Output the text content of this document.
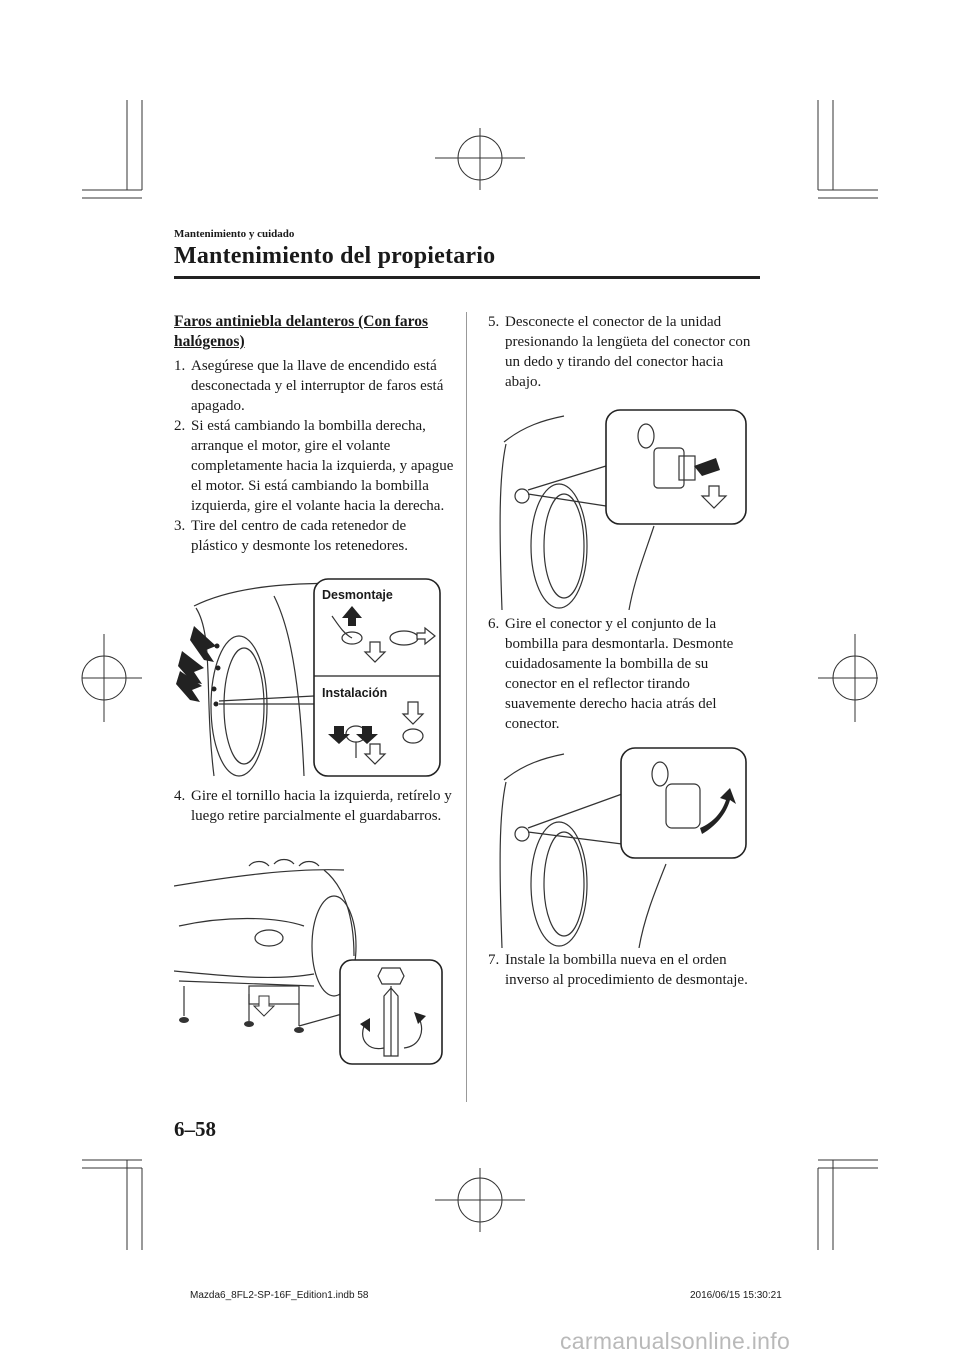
Mantenimiento y cuidado
Mantenimiento del propietario
Faros antiniebla delanteros (Con faros halógenos)
1. Asegúrese que la llave de encendido está desconectada y el interruptor de faros está apagado.
2. Si está cambiando la bombilla derecha, arranque el motor, gire el volante completamente hacia la izquierda, y apague el motor. Si está cambiando la bombilla izquierda, gire el volante hacia la derecha.
3. Tire del centro de cada retenedor de plástico y desmonte los retenedores.
Desmontaje
Instalación
4. Gire el tornillo hacia la izquierda, retírelo y luego retire parcialmente el guardabarros.
5. Desconecte el conector de la unidad presionando la lengüeta del conector con un dedo y tirando del conector hacia abajo.
6. Gire el conector y el conjunto de la bombilla para desmontarla. Desmonte cuidadosamente la bombilla de su conector en el reflector tirando suavemente derecho hacia atrás del conector.
7. Instale la bombilla nueva en el orden inverso al procedimiento de desmontaje.
6–58
Mazda6_8FL2-SP-16F_Edition1.indb 58	2016/06/15 15:30:21
carmanualsonline.info
